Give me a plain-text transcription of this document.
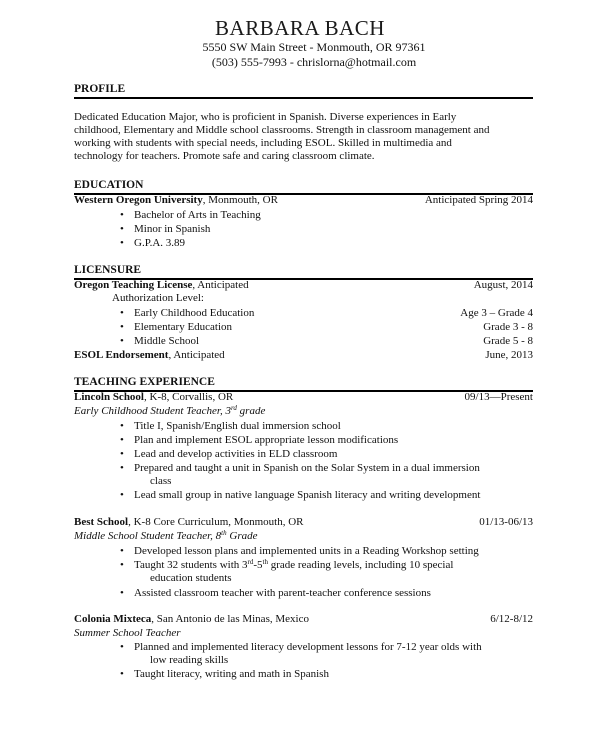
BARBARA BACH
5550 SW Main Street - Monmouth, OR 97361
(503) 555-7993 - chrislorna@hotmail.com
PROFILE
Dedicated Education Major, who is proficient in Spanish. Diverse experiences in Early
childhood, Elementary and Middle school classrooms. Strength in classroom management and
working with students with special needs, including ESOL. Skilled in multimedia and
technology for teachers. Promote safe and caring classroom climate.
EDUCATION
Western Oregon University, Monmouth, OR	Anticipated Spring 2014
• Bachelor of Arts in Teaching
• Minor in Spanish
• G.P.A. 3.89
LICENSURE
Oregon Teaching License, Anticipated	August, 2014
Authorization Level:
• Early Childhood Education	Age 3 – Grade 4
• Elementary Education	Grade 3 - 8
• Middle School	Grade 5 - 8
ESOL Endorsement, Anticipated	June, 2013
TEACHING EXPERIENCE
Lincoln School, K-8, Corvallis, OR	09/13—Present
Early Childhood Student Teacher, 3rd grade
• Title I, Spanish/English dual immersion school
• Plan and implement ESOL appropriate lesson modifications
• Lead and develop activities in ELD classroom
• Prepared and taught a unit in Spanish on the Solar System in a dual immersion
class
• Lead small group in native language Spanish literacy and writing development
Best School, K-8 Core Curriculum, Monmouth, OR	01/13-06/13
Middle School Student Teacher, 8th Grade
• Developed lesson plans and implemented units in a Reading Workshop setting
• Taught 32 students with 3rd-5th grade reading levels, including 10 special
education students
• Assisted classroom teacher with parent-teacher conference sessions
Colonia Mixteca, San Antonio de las Minas, Mexico	6/12-8/12
Summer School Teacher
• Planned and implemented literacy development lessons for 7-12 year olds with
low reading skills
• Taught literacy, writing and math in Spanish
